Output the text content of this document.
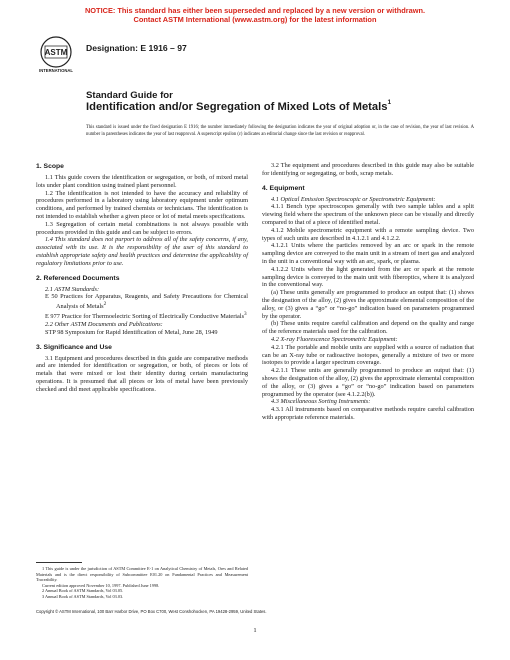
NOTICE: This standard has either been superseded and replaced by a new version or withdrawn.
Contact ASTM International (www.astm.org) for the latest information
ASTM
INTERNATIONAL
Designation: E 1916 – 97
Standard Guide for
Identification and/or Segregation of Mixed Lots of Metals$^1$
This standard is issued under the fixed designation E 1916; the number immediately following the designation indicates the year of original adoption or, in the case of revision, the year of last revision. A number in parentheses indicates the year of last reapproval. A superscript epsilon (ε) indicates an editorial change since the last revision or reapproval.
1. Scope

1.1 This guide covers the identification or segregation, or both, of mixed metal lots under plant condition using trained plant personnel.

1.2 The identification is not intended to have the accuracy and reliability of procedures performed in a laboratory using laboratory equipment under optimum conditions, and performed by trained chemists or technicians. The identification is not intended to establish whether a given piece or lot of metal meets specifications.

1.3 Segregation of certain metal combinations is not always possible with procedures provided in this guide and can be subject to errors.

1.4 This standard does not purport to address all of the safety concerns, if any, associated with its use. It is the responsibility of the user of this standard to establish appropriate safety and health practices and determine the applicability of regulatory limitations prior to use.

2. Referenced Documents

2.1 ASTM Standards:

E 50 Practices for Apparatus, Reagents, and Safety Precautions for Chemical Analysis of Metals$^2$

E 977 Practice for Thermoelectric Sorting of Electrically Conductive Materials$^3$

2.2 Other ASTM Documents and Publications:

STP 98 Symposium for Rapid Identification of Metal, June 28, 1949

3. Significance and Use

3.1 Equipment and procedures described in this guide are comparative methods and are intended for identification or segregation, or both, of pieces or lots of metals that were mixed or lost their identity during certain manufacturing operations. It is presumed that all pieces or lots of metal have been previously checked and did meet applicable specifications.

3.2 The equipment and procedures described in this guide may also be suitable for identifying or segregating, or both, scrap metals.

4. Equipment

4.1 Optical Emission Spectroscopic or Spectrometric Equipment:

4.1.1 Bench type spectroscopes generally with two sample tables and a split viewing field where the spectrum of the unknown piece can be visually and directly compared to that of a piece of identified metal.

4.1.2 Mobile spectrometric equipment with a remote sampling device. Two types of such units are described in 4.1.2.1 and 4.1.2.2.

4.1.2.1 Units where the particles removed by an arc or spark in the remote sampling device are conveyed to the main unit in a stream of inert gas and analyzed in the unit in a conventional way with an arc, spark, or plasma.

4.1.2.2 Units where the light generated from the arc or spark at the remote sampling device is conveyed to the main unit with fiberoptics, where it is analyzed in the conventional way.

(a) These units generally are programmed to produce an output that: (1) shows the designation of the alloy, (2) gives the approximate elemental composition of the alloy, or (3) gives a “go” or “no-go” indication based on parameters programmed by the operator.

(b) These units require careful calibration and depend on the quality and range of the reference materials used for the calibration.

4.2 X-ray Fluorescence Spectrometric Equipment:

4.2.1 The portable and mobile units are supplied with a source of radiation that can be an X-ray tube or radioactive isotopes, generally a mixture of two or more isotopes to provide a larger spectrum coverage.

4.2.1.1 These units are generally programmed to produce an output that: (1) shows the designation of the alloy, (2) gives the approximate elemental composition of the alloy, or (3) gives a “go” or “no-go” indication based on parameters programmed by the operator (see 4.1.2.2(b)).

4.3 Miscellaneous Sorting Instruments:

4.3.1 All instruments based on comparative methods require careful calibration with appropriate reference materials.

1 This guide is under the jurisdiction of ASTM Committee E-1 on Analytical Chemistry of Metals, Ores and Related Materials and is the direct responsibility of Subcommittee E01.20 on Fundamental Practices and Measurement Traceability.

Current edition approved November 10, 1997. Published June 1998.

2 Annual Book of ASTM Standards, Vol 03.05.

3 Annual Book of ASTM Standards, Vol 03.03.

Copyright © ASTM International, 100 Barr Harbor Drive, PO Box C700, West Conshohocken, PA 19428-2959, United States.
1
